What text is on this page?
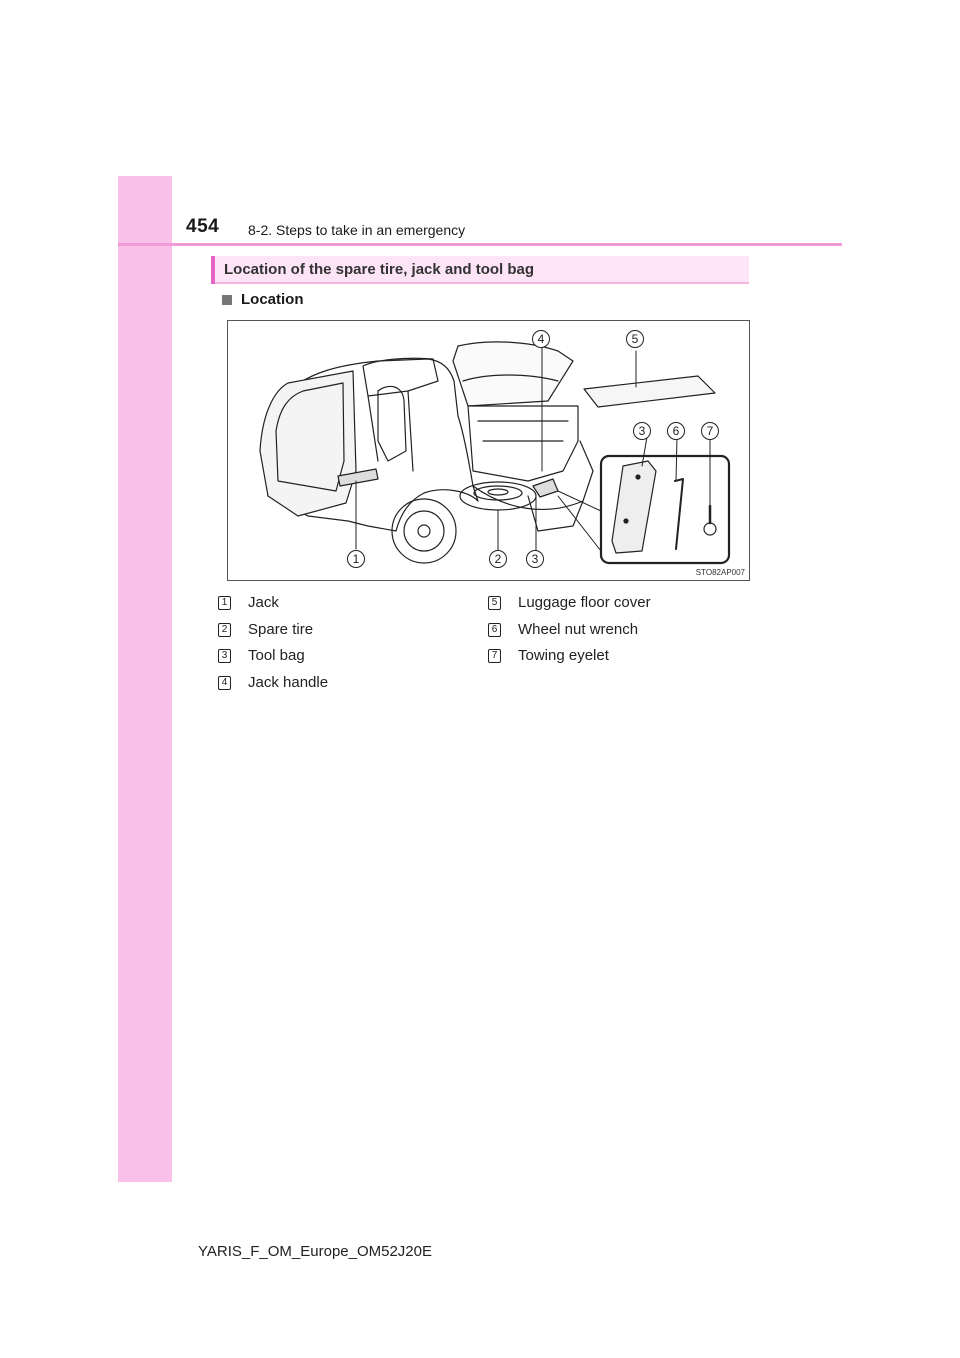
454 8-2. Steps to take in an emergency
Location of the spare tire, jack and tool bag
Location
4	5
3	6	7
1	2	3
STO82AP007
1 Jack
2 Spare tire
3 Tool bag
4 Jack handle
5 Luggage floor cover
6 Wheel nut wrench
7 Towing eyelet
YARIS_F_OM_Europe_OM52J20E
